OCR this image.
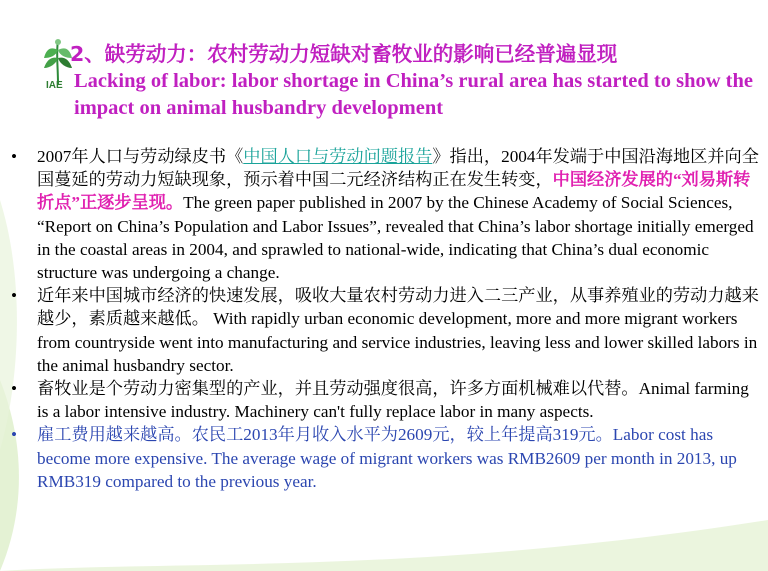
IAE
2、缺劳动力：农村劳动力短缺对畜牧业的影响已经普遍显现
Lacking of labor: labor shortage in China’s rural area has started to show the impact on animal husbandry development
• 2007年人口与劳动绿皮书《中国人口与劳动问题报告》指出，2004年发端于中国沿海地区并向全国蔓延的劳动力短缺现象，预示着中国二元经济结构正在发生转变，中国经济发展的“刘易斯转折点”正逐步呈现。The green paper published in 2007 by the Chinese Academy of Social Sciences, “Report on China’s Population and Labor Issues”, revealed that China’s labor shortage initially emerged in the coastal areas in 2004, and sprawled to national-wide, indicating that China’s dual economic structure was undergoing a change.
• 近年来中国城市经济的快速发展，吸收大量农村劳动力进入二三产业，从事养殖业的劳动力越来越少，素质越来越低。 With rapidly urban economic development, more and more migrant workers from countryside went into manufacturing and service industries, leaving less and lower skilled labors in the animal husbandry sector.
• 畜牧业是个劳动力密集型的产业，并且劳动强度很高，许多方面机械难以代替。Animal farming is a labor intensive industry. Machinery can't fully replace labor in many aspects.
• 雇工费用越来越高。农民工2013年月收入水平为2609元，较上年提高319元。Labor cost has become more expensive. The average wage of migrant workers was RMB2609 per month in 2013, up RMB319 compared to the previous year.
